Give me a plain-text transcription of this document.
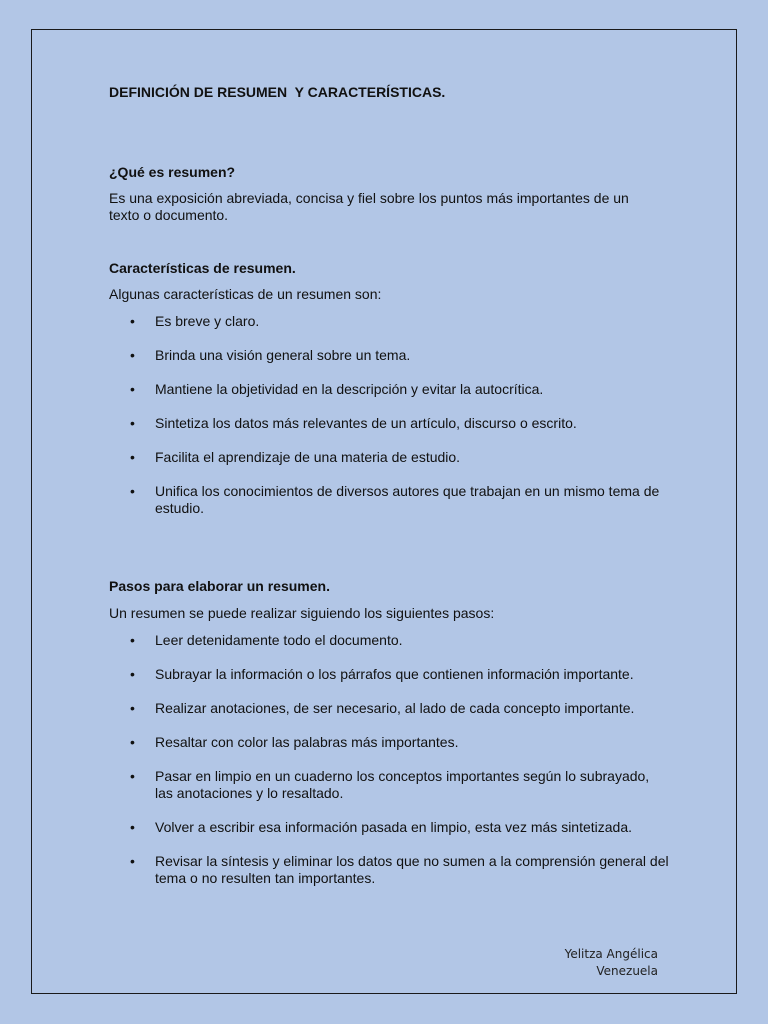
DEFINICIÓN DE RESUMEN  Y CARACTERÍSTICAS.
¿Qué es resumen?

Es una exposición abreviada, concisa y fiel sobre los puntos más importantes de un texto o documento.

Características de resumen.

Algunas características de un resumen son:

• Es breve y claro.
• Brinda una visión general sobre un tema.
• Mantiene la objetividad en la descripción y evitar la autocrítica.
• Sintetiza los datos más relevantes de un artículo, discurso o escrito.
• Facilita el aprendizaje de una materia de estudio.
• Unifica los conocimientos de diversos autores que trabajan en un mismo tema de estudio.
Pasos para elaborar un resumen.

Un resumen se puede realizar siguiendo los siguientes pasos:

• Leer detenidamente todo el documento.
• Subrayar la información o los párrafos que contienen información importante.
• Realizar anotaciones, de ser necesario, al lado de cada concepto importante.
• Resaltar con color las palabras más importantes.
• Pasar en limpio en un cuaderno los conceptos importantes según lo subrayado, las anotaciones y lo resaltado.
• Volver a escribir esa información pasada en limpio, esta vez más sintetizada.
• Revisar la síntesis y eliminar los datos que no sumen a la comprensión general del tema o no resulten tan importantes.
Yelitza Angélica
Venezuela
